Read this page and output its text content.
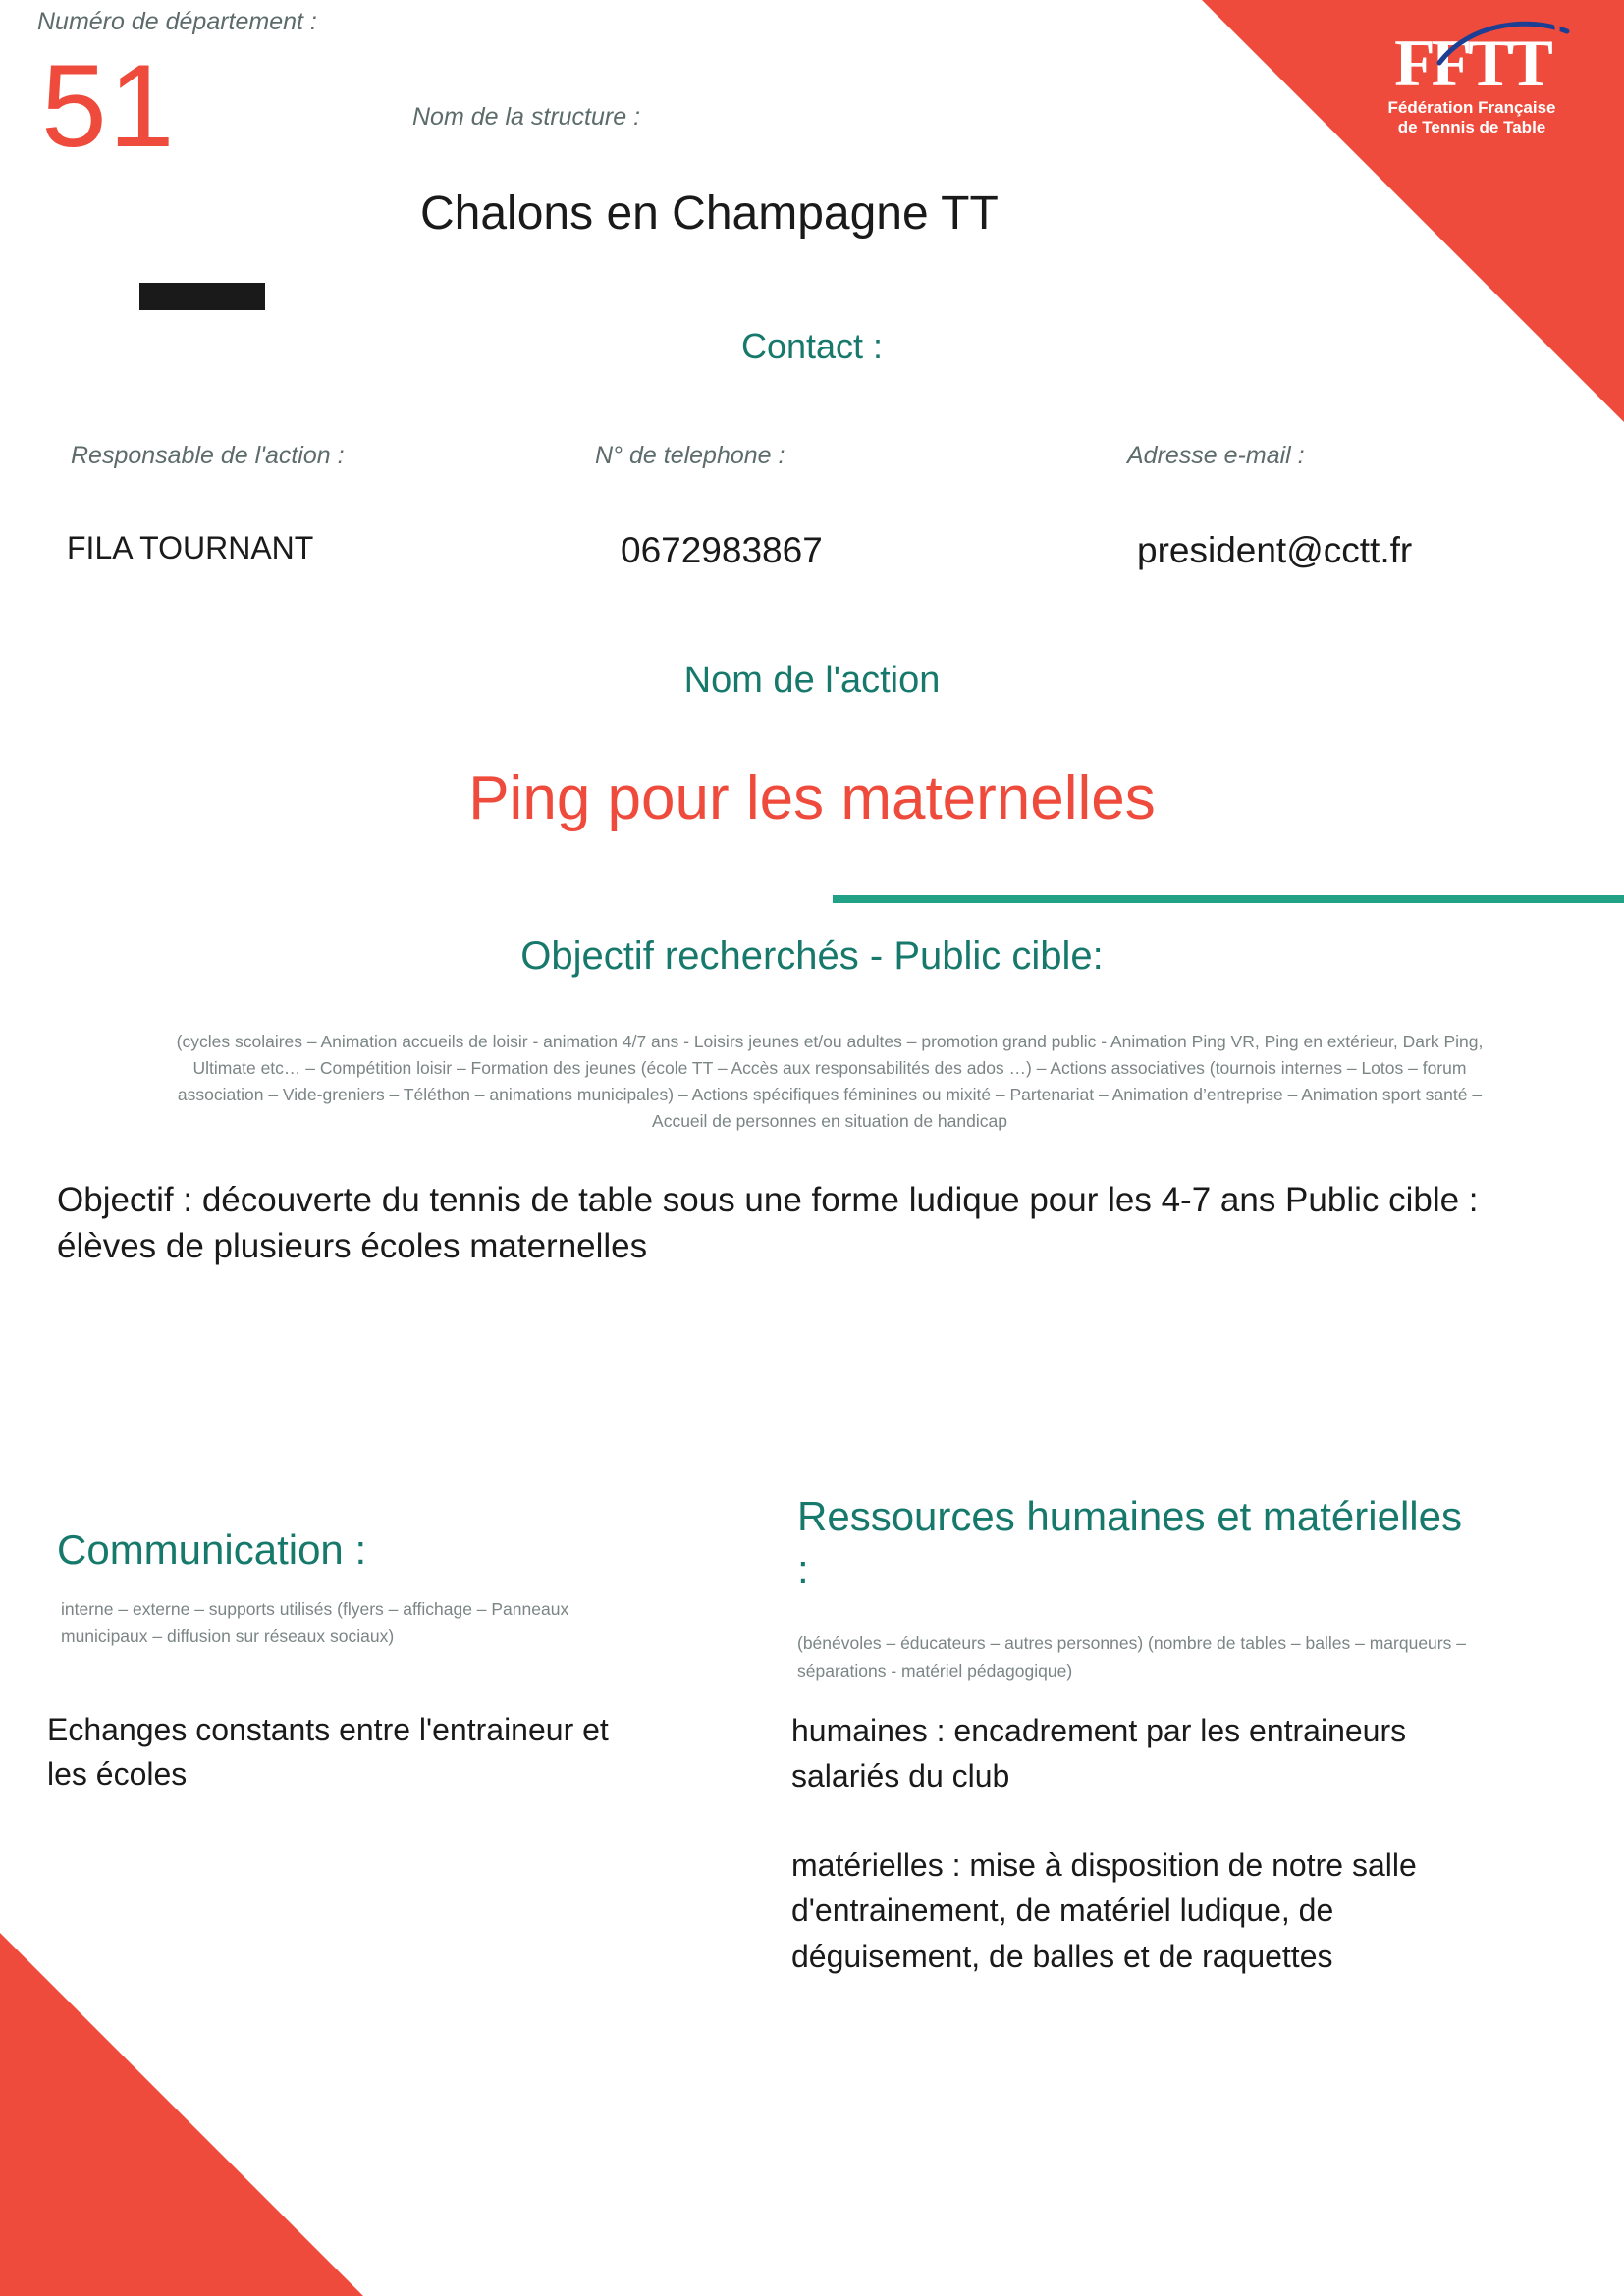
FFTT
Fédération Française
de Tennis de Table
Numéro de département :
51	Nom de la structure :
Chalons en Champagne TT
Contact :
Responsable de l'action :
FILA TOURNANT
N° de telephone :
0672983867
Adresse e-mail :
president@cctt.fr
Nom de l'action
Ping pour les maternelles
Objectif recherchés - Public cible:
(cycles scolaires – Animation accueils de loisir - animation 4/7 ans - Loisirs jeunes et/ou adultes – promotion grand public - Animation Ping VR, Ping en extérieur, Dark Ping, Ultimate etc… – Compétition loisir – Formation des jeunes (école TT – Accès aux responsabilités des ados …) – Actions associatives (tournois internes – Lotos – forum association – Vide-greniers – Téléthon – animations municipales) – Actions spécifiques féminines ou mixité – Partenariat – Animation d’entreprise – Animation sport santé – Accueil de personnes en situation de handicap
Objectif : découverte du tennis de table sous une forme ludique pour les 4-7 ans Public cible : élèves de plusieurs écoles maternelles
Communication :
interne – externe – supports utilisés (flyers – affichage – Panneaux municipaux – diffusion sur réseaux sociaux)
Echanges constants entre l'entraineur et les écoles
Ressources humaines et matérielles :
(bénévoles – éducateurs – autres personnes) (nombre de tables – balles – marqueurs – séparations - matériel pédagogique)

humaines : encadrement par les entraineurs salariés du club

matérielles : mise à disposition de notre salle d'entrainement, de matériel ludique, de déguisement, de balles et de raquettes
